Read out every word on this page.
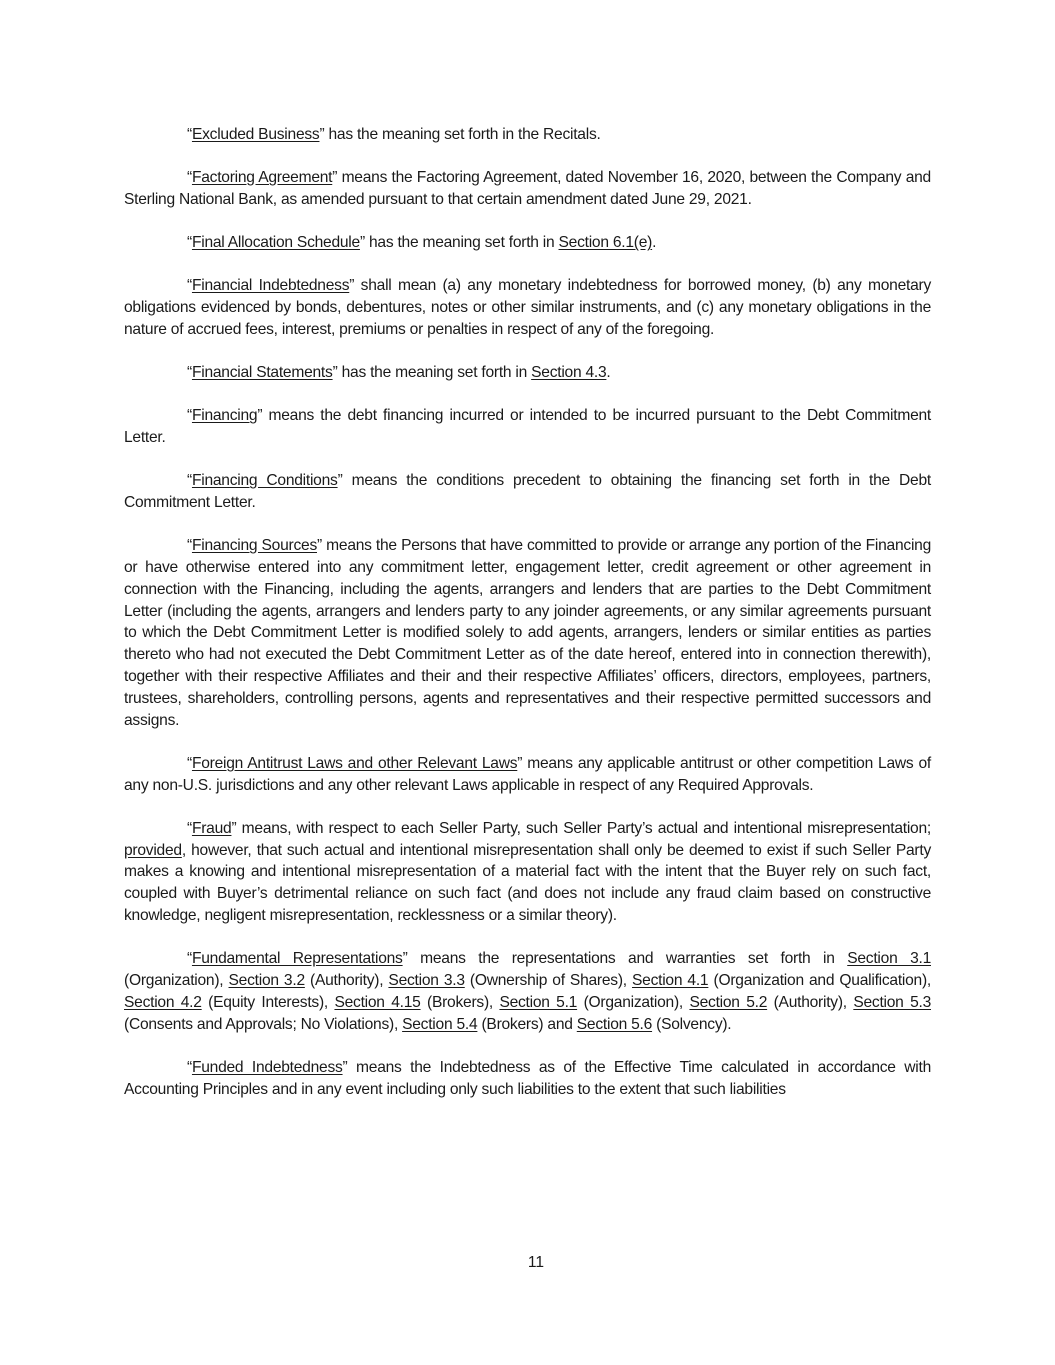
“Excluded Business” has the meaning set forth in the Recitals.

“Factoring Agreement” means the Factoring Agreement, dated November 16, 2020, between the Company and Sterling National Bank, as amended pursuant to that certain amendment dated June 29, 2021.

“Final Allocation Schedule” has the meaning set forth in Section 6.1(e).

“Financial Indebtedness” shall mean (a) any monetary indebtedness for borrowed money, (b) any monetary obligations evidenced by bonds, debentures, notes or other similar instruments, and (c) any monetary obligations in the nature of accrued fees, interest, premiums or penalties in respect of any of the foregoing.

“Financial Statements” has the meaning set forth in Section 4.3.

“Financing” means the debt financing incurred or intended to be incurred pursuant to the Debt Commitment Letter.

“Financing Conditions” means the conditions precedent to obtaining the financing set forth in the Debt Commitment Letter.

“Financing Sources” means the Persons that have committed to provide or arrange any portion of the Financing or have otherwise entered into any commitment letter, engagement letter, credit agreement or other agreement in connection with the Financing, including the agents, arrangers and lenders that are parties to the Debt Commitment Letter (including the agents, arrangers and lenders party to any joinder agreements, or any similar agreements pursuant to which the Debt Commitment Letter is modified solely to add agents, arrangers, lenders or similar entities as parties thereto who had not executed the Debt Commitment Letter as of the date hereof, entered into in connection therewith), together with their respective Affiliates and their and their respective Affiliates’ officers, directors, employees, partners, trustees, shareholders, controlling persons, agents and representatives and their respective permitted successors and assigns.

“Foreign Antitrust Laws and other Relevant Laws” means any applicable antitrust or other competition Laws of any non-U.S. jurisdictions and any other relevant Laws applicable in respect of any Required Approvals.

“Fraud” means, with respect to each Seller Party, such Seller Party’s actual and intentional misrepresentation; provided, however, that such actual and intentional misrepresentation shall only be deemed to exist if such Seller Party makes a knowing and intentional misrepresentation of a material fact with the intent that the Buyer rely on such fact, coupled with Buyer’s detrimental reliance on such fact (and does not include any fraud claim based on constructive knowledge, negligent misrepresentation, recklessness or a similar theory).

“Fundamental Representations” means the representations and warranties set forth in Section 3.1 (Organization), Section 3.2 (Authority), Section 3.3 (Ownership of Shares), Section 4.1 (Organization and Qualification), Section 4.2 (Equity Interests), Section 4.15 (Brokers), Section 5.1 (Organization), Section 5.2 (Authority), Section 5.3 (Consents and Approvals; No Violations), Section 5.4 (Brokers) and Section 5.6 (Solvency).

“Funded Indebtedness” means the Indebtedness as of the Effective Time calculated in accordance with Accounting Principles and in any event including only such liabilities to the extent that such liabilities

11
